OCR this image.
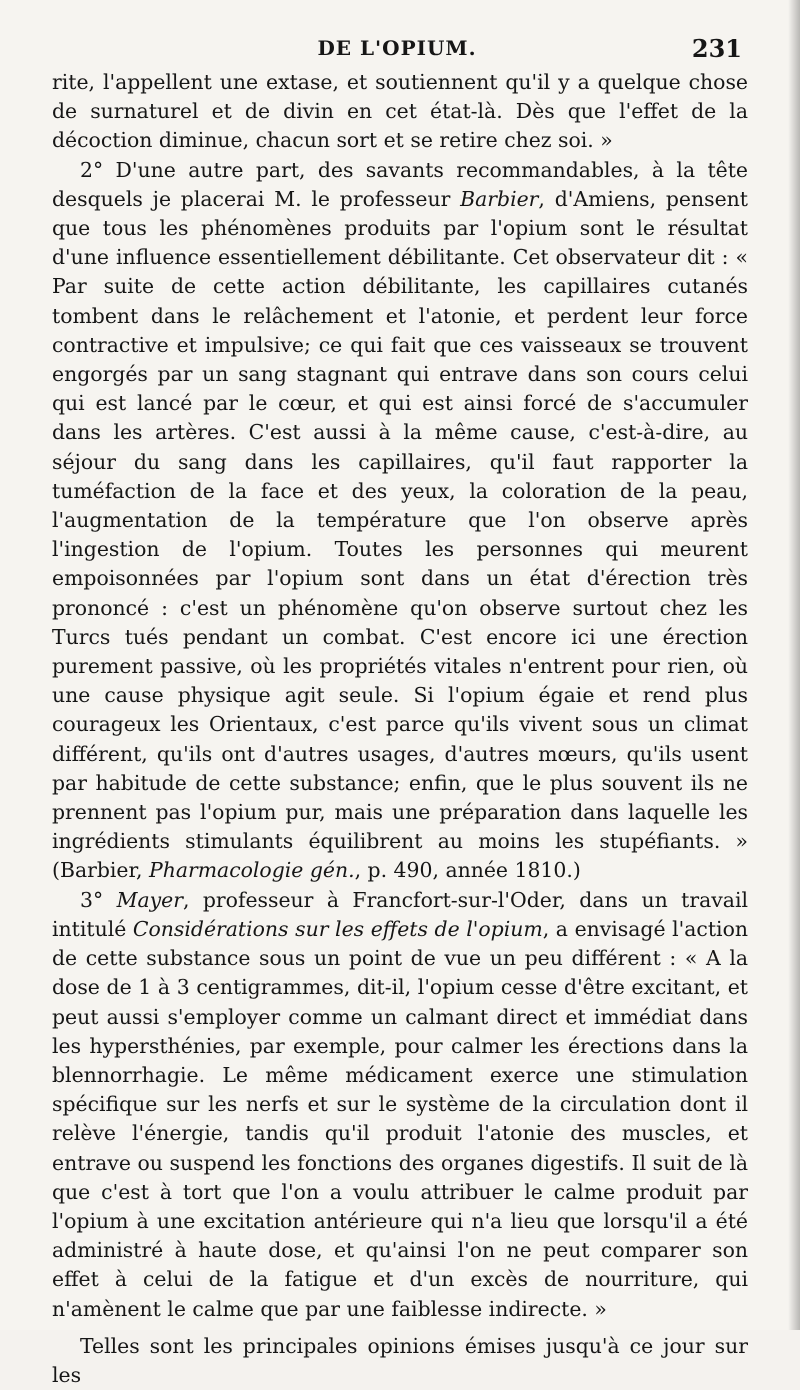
DE L'OPIUM.	231

rite, l'appellent une extase, et soutiennent qu'il y a quelque chose de surnaturel et de divin en cet état-là. Dès que l'effet de la décoction diminue, chacun sort et se retire chez soi. »

2° D'une autre part, des savants recommandables, à la tête desquels je placerai M. le professeur Barbier, d'Amiens, pensent que tous les phénomènes produits par l'opium sont le résultat d'une influence essentiellement débilitante. Cet observateur dit : « Par suite de cette action débilitante, les capillaires cutanés tombent dans le relâchement et l'atonie, et perdent leur force contractive et impulsive; ce qui fait que ces vaisseaux se trouvent engorgés par un sang stagnant qui entrave dans son cours celui qui est lancé par le cœur, et qui est ainsi forcé de s'accumuler dans les artères. C'est aussi à la même cause, c'est-à-dire, au séjour du sang dans les capillaires, qu'il faut rapporter la tuméfaction de la face et des yeux, la coloration de la peau, l'augmentation de la température que l'on observe après l'ingestion de l'opium. Toutes les personnes qui meurent empoisonnées par l'opium sont dans un état d'érection très prononcé : c'est un phénomène qu'on observe surtout chez les Turcs tués pendant un combat. C'est encore ici une érection purement passive, où les propriétés vitales n'entrent pour rien, où une cause physique agit seule. Si l'opium égaie et rend plus courageux les Orientaux, c'est parce qu'ils vivent sous un climat différent, qu'ils ont d'autres usages, d'autres mœurs, qu'ils usent par habitude de cette substance; enfin, que le plus souvent ils ne prennent pas l'opium pur, mais une préparation dans laquelle les ingrédients stimulants équilibrent au moins les stupéfiants. » (Barbier, Pharmacologie gén., p. 490, année 1810.)

3° Mayer, professeur à Francfort-sur-l'Oder, dans un travail intitulé Considérations sur les effets de l'opium, a envisagé l'action de cette substance sous un point de vue un peu différent : « A la dose de 1 à 3 centigrammes, dit-il, l'opium cesse d'être excitant, et peut aussi s'employer comme un calmant direct et immédiat dans les hypersthénies, par exemple, pour calmer les érections dans la blennorrhagie. Le même médicament exerce une stimulation spécifique sur les nerfs et sur le système de la circulation dont il relève l'énergie, tandis qu'il produit l'atonie des muscles, et entrave ou suspend les fonctions des organes digestifs. Il suit de là que c'est à tort que l'on a voulu attribuer le calme produit par l'opium à une excitation antérieure qui n'a lieu que lorsqu'il a été administré à haute dose, et qu'ainsi l'on ne peut comparer son effet à celui de la fatigue et d'un excès de nourriture, qui n'amènent le calme que par une faiblesse indirecte. »

Telles sont les principales opinions émises jusqu'à ce jour sur les
